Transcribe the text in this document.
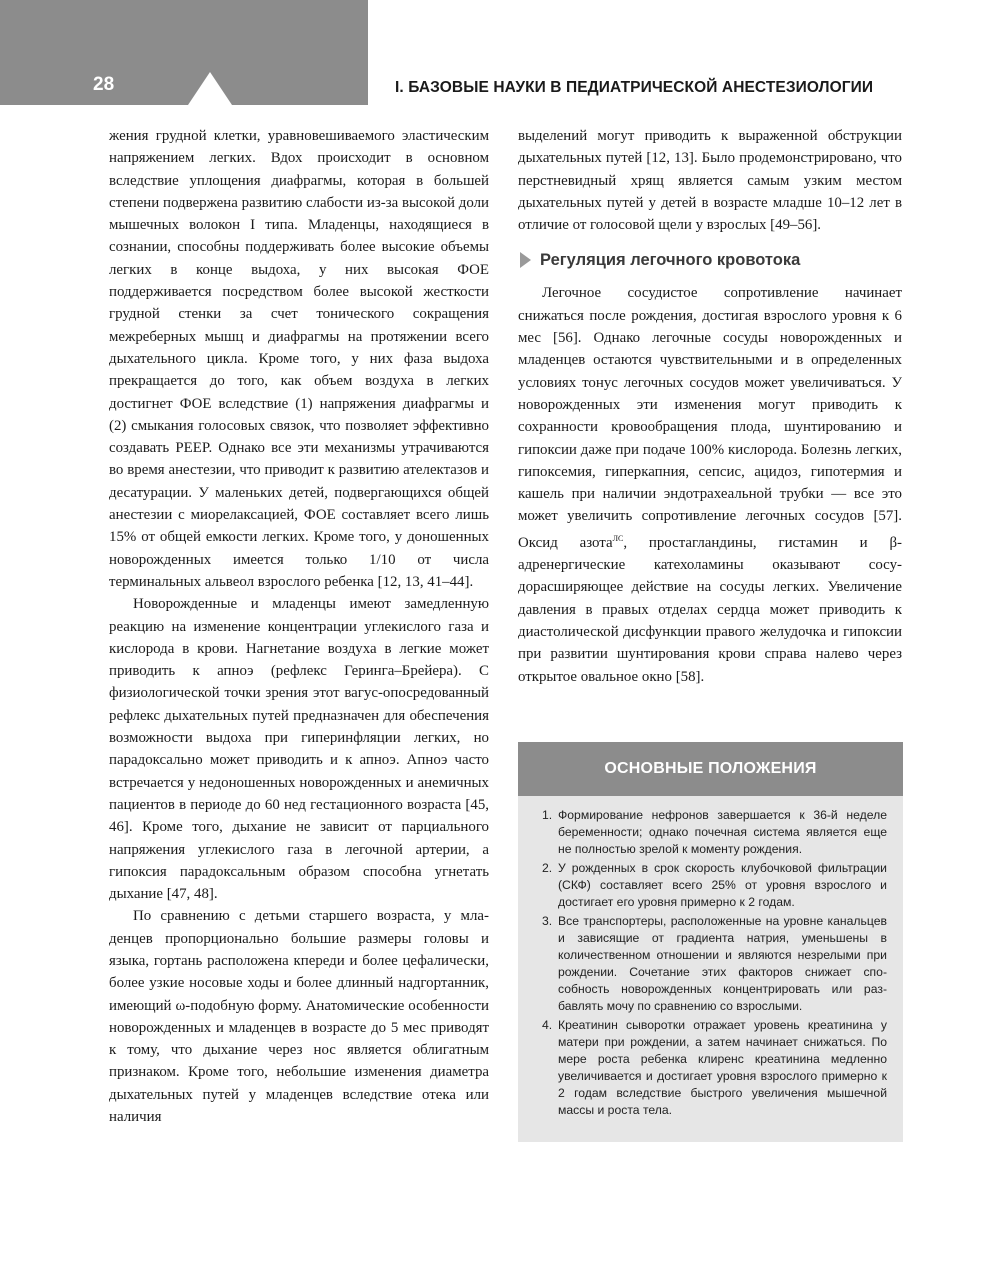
28	I. БАЗОВЫЕ НАУКИ В ПЕДИАТРИЧЕСКОЙ АНЕСТЕЗИОЛОГИИ

жения грудной клетки, уравновешиваемого эластическим напряжением легких. Вдох происходит в основном вследствие уплощения диафрагмы, которая в большей степени подвержена развитию слабости из-за высокой доли мышечных волокон I типа. Младенцы, находящиеся в сознании, способны поддерживать более высокие объемы легких в конце выдоха, у них высокая ФОЕ поддерживается посредством более высокой жесткости грудной стенки за счет тонического сокращения межреберных мышц и диафрагмы на протяжении всего дыхательного цикла. Кроме того, у них фаза выдоха прекращается до того, как объем воздуха в легких достигнет ФОЕ вследствие (1) напряжения диафрагмы и (2) смыкания голосовых связок, что позволяет эффективно создавать PEEP. Однако все эти механизмы утрачиваются во время анестезии, что приводит к развитию ателектазов и десатурации. У маленьких детей, подвергающихся общей анестезии с миорелаксацией, ФОЕ составляет всего лишь 15% от общей емкости легких. Кроме того, у доношенных новорожденных имеется только 1/10 от числа терминальных альвеол взрослого ребенка [12, 13, 41–44].

Новорожденные и младенцы имеют замедленную реакцию на изменение концентрации углекислого газа и кислорода в крови. Нагнетание воздуха в легкие может приводить к апноэ (рефлекс Геринга–Брейера). С физиологической точки зрения этот вагус-опосредованный рефлекс дыхательных путей предназначен для обеспечения возможности выдоха при гиперинфляции легких, но парадоксально может приводить и к апноэ. Апноэ часто встречается у недоношенных новорожденных и анемичных пациентов в периоде до 60 нед гестационного возраста [45, 46]. Кроме того, дыхание не зависит от парциального напряжения углекислого газа в легочной артерии, а гипоксия парадоксальным образом способна угнетать дыхание [47, 48].

По сравнению с детьми старшего возраста, у младенцев пропорционально большие размеры головы и языка, гортань расположена кпереди и более цефалически, более узкие носовые ходы и более длинный надгортанник, имеющий ω-подобную форму. Анатомические особенности новорожденных и младенцев в возрасте до 5 мес приводят к тому, что дыхание через нос является облигатным признаком. Кроме того, небольшие изменения диаметра дыхательных путей у младенцев вследствие отека или наличия

выделений могут приводить к выраженной обструкции дыхательных путей [12, 13]. Было продемонстрировано, что перстневидный хрящ является самым узким местом дыхательных путей у детей в возрасте младше 10–12 лет в отличие от голосовой щели у взрослых [49–56].

Регуляция легочного кровотока

Легочное сосудистое сопротивление начинает снижаться после рождения, достигая взрослого уровня к 6 мес [56]. Однако легочные сосуды новорожденных и младенцев остаются чувствительными и в определенных условиях тонус легочных сосудов может увеличиваться. У новорожденных эти изменения могут приводить к сохранности кровообращения плода, шунтированию и гипоксии даже при подаче 100% кислорода. Болезнь легких, гипоксемия, гиперкапния, сепсис, ацидоз, гипотермия и кашель при наличии эндотрахеальной трубки — все это может увеличить сопротивление легочных сосудов [57]. Оксид азота$^{ЛС}$, простагландины, гистамин и β-адренергические катехоламины оказывают сосудорасширяющее действие на сосуды легких. Увеличение давления в правых отделах сердца может приводить к диастолической дисфункции правого желудочка и гипоксии при развитии шунтирования крови справа налево через открытое овальное окно [58].

ОСНОВНЫЕ ПОЛОЖЕНИЯ
1. Формирование нефронов завершается к 36-й неделе беременности; однако почечная система является еще не полностью зрелой к моменту рождения.
2. У рожденных в срок скорость клубочковой фильтрации (СКФ) составляет всего 25% от уровня взрослого и достигает его уровня примерно к 2 годам.
3. Все транспортеры, расположенные на уровне канальцев и зависящие от градиента натрия, уменьшены в количественном отношении и являются незрелыми при рождении. Сочетание этих факторов снижает способность новорожденных концентрировать или разбавлять мочу по сравнению со взрослыми.
4. Креатинин сыворотки отражает уровень креатинина у матери при рождении, а затем начинает снижаться. По мере роста ребенка клиренс креатинина медленно увеличивается и достигает уровня взрослого примерно к 2 годам вследствие быстрого увеличения мышечной массы и роста тела.
